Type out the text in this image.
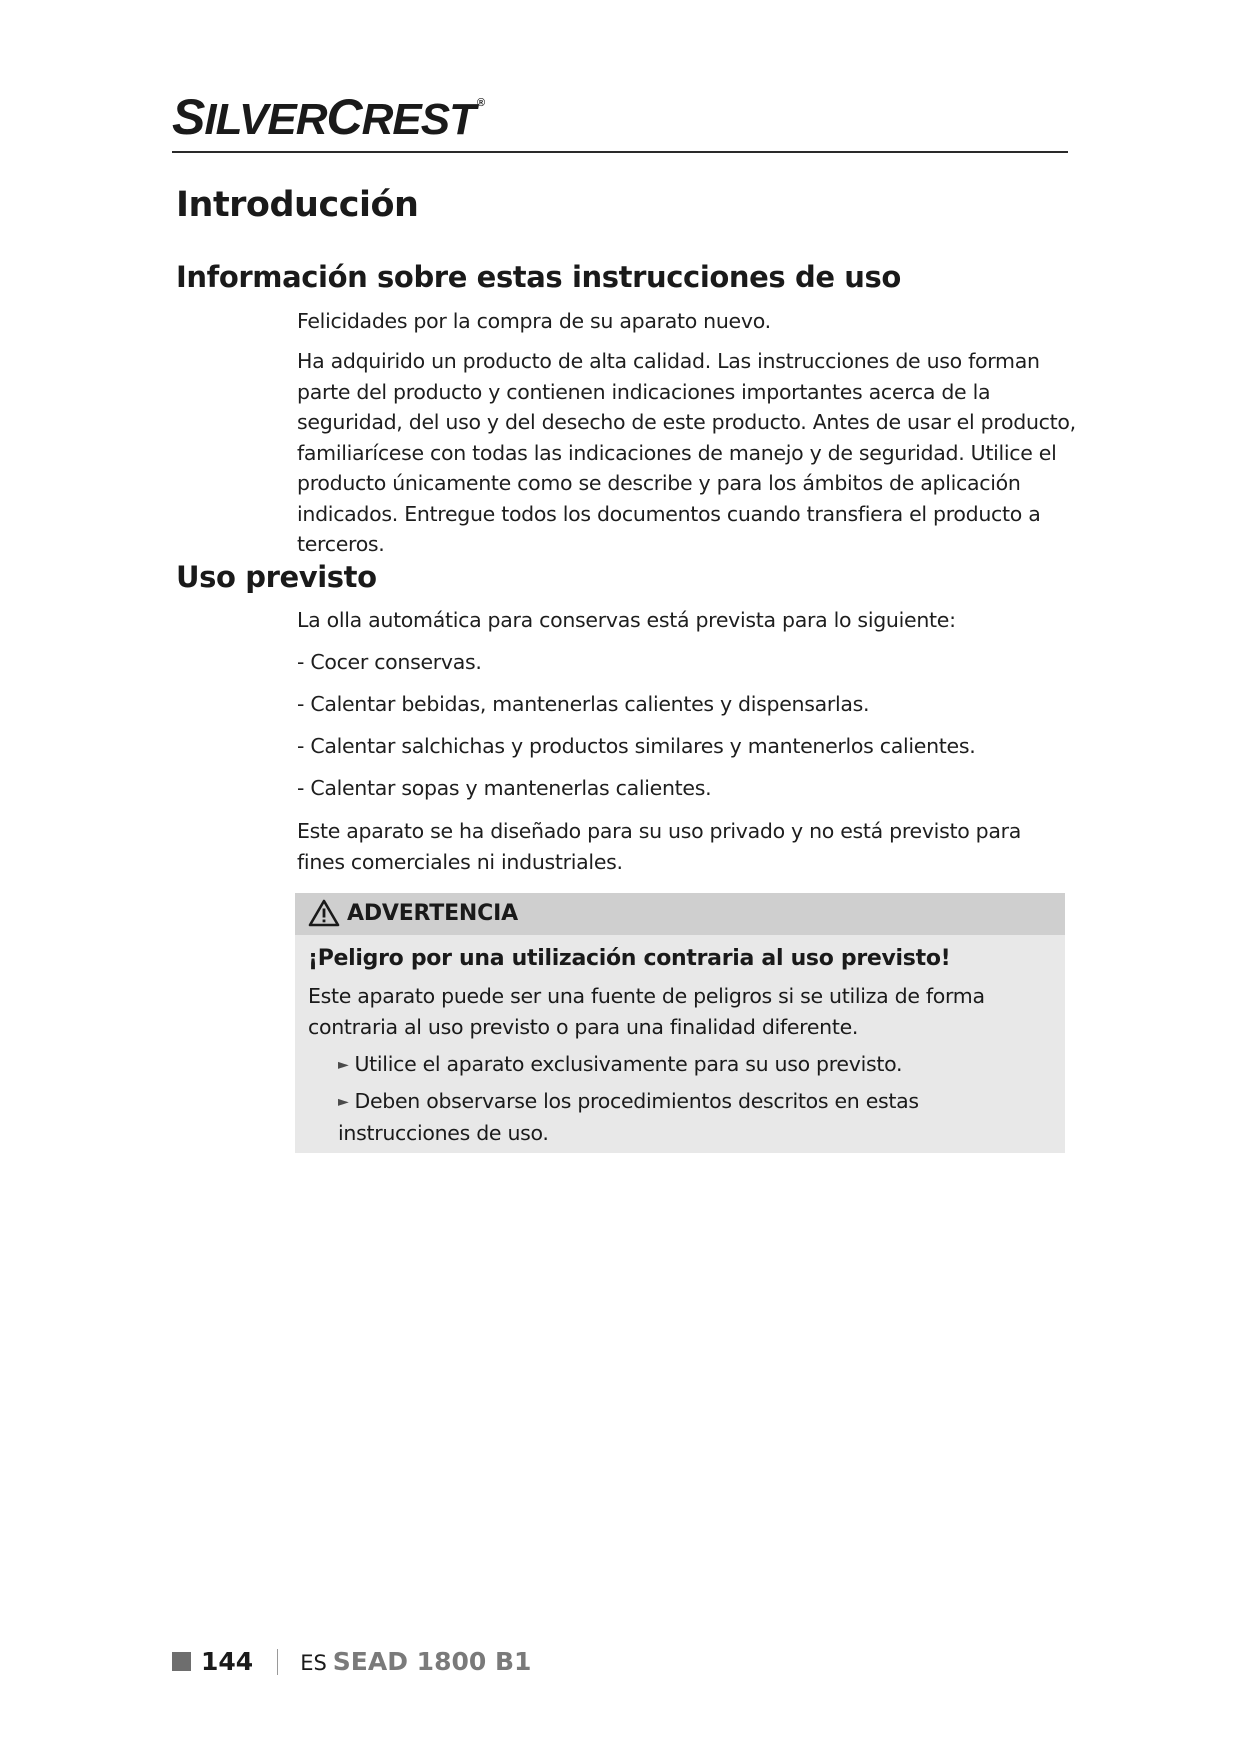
SILVERCREST ®
Introducción
Información sobre estas instrucciones de uso

Felicidades por la compra de su aparato nuevo.

Ha adquirido un producto de alta calidad. Las instrucciones de uso forman parte del producto y contienen indicaciones importantes acerca de la seguridad, del uso y del desecho de este producto. Antes de usar el producto, familiarícese con todas las indicaciones de manejo y de seguridad. Utilice el producto únicamente como se describe y para los ámbitos de aplicación indicados. Entregue todos los documentos cuando transfiera el producto a terceros.

Uso previsto

La olla automática para conservas está prevista para lo siguiente:

- Cocer conservas.

- Calentar bebidas, mantenerlas calientes y dispensarlas.

- Calentar salchichas y productos similares y mantenerlos calientes.

- Calentar sopas y mantenerlas calientes.

Este aparato se ha diseñado para su uso privado y no está previsto para fines comerciales ni industriales.

ADVERTENCIA
¡Peligro por una utilización contraria al uso previsto!
Este aparato puede ser una fuente de peligros si se utiliza de forma contraria al uso previsto o para una finalidad diferente.
► Utilice el aparato exclusivamente para su uso previsto.
► Deben observarse los procedimientos descritos en estas instrucciones de uso.
144 ES SEAD 1800 B1
